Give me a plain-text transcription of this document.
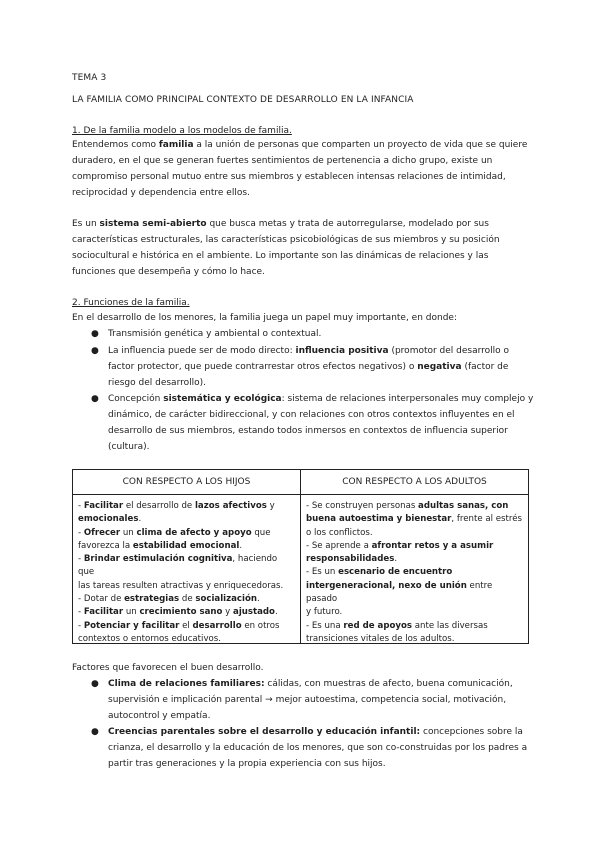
TEMA 3
LA FAMILIA COMO PRINCIPAL CONTEXTO DE DESARROLLO EN LA INFANCIA
1. De la familia modelo a los modelos de familia.
Entendemos como familia a la unión de personas que comparten un proyecto de vida que se quiere
duradero, en el que se generan fuertes sentimientos de pertenencia a dicho grupo, existe un
compromiso personal mutuo entre sus miembros y establecen intensas relaciones de intimidad,
reciprocidad y dependencia entre ellos.
Es un sistema semi-abierto que busca metas y trata de autorregularse, modelado por sus
características estructurales, las características psicobiológicas de sus miembros y su posición
sociocultural e histórica en el ambiente. Lo importante son las dinámicas de relaciones y las
funciones que desempeña y cómo lo hace.
2. Funciones de la familia.
En el desarrollo de los menores, la familia juega un papel muy importante, en donde:
● Transmisión genética y ambiental o contextual.
● La influencia puede ser de modo directo: influencia positiva (promotor del desarrollo o
factor protector, que puede contrarrestar otros efectos negativos) o negativa (factor de
riesgo del desarrollo).
● Concepción sistemática y ecológica: sistema de relaciones interpersonales muy complejo y
dinámico, de carácter bidireccional, y con relaciones con otros contextos influyentes en el
desarrollo de sus miembros, estando todos inmersos en contextos de influencia superior
(cultura).
CON RESPECTO A LOS HIJOS	CON RESPECTO A LOS ADULTOS

- Facilitar el desarrollo de lazos afectivos y

emocionales.

- Ofrecer un clima de afecto y apoyo que

favorezca la estabilidad emocional.

- Brindar estimulación cognitiva, haciendo que

las tareas resulten atractivas y enriquecedoras.

- Dotar de estrategias de socialización.

- Facilitar un crecimiento sano y ajustado.

- Potenciar y facilitar el desarrollo en otros

contextos o entornos educativos.

- Se construyen personas adultas sanas, con

buena autoestima y bienestar, frente al estrés

o los conflictos.

- Se aprende a afrontar retos y a asumir

responsabilidades.

- Es un escenario de encuentro

intergeneracional, nexo de unión entre pasado

y futuro.

- Es una red de apoyos ante las diversas

transiciones vitales de los adultos.

Factores que favorecen el buen desarrollo.
● Clima de relaciones familiares: cálidas, con muestras de afecto, buena comunicación,
supervisión e implicación parental → mejor autoestima, competencia social, motivación,
autocontrol y empatía.
● Creencias parentales sobre el desarrollo y educación infantil: concepciones sobre la
crianza, el desarrollo y la educación de los menores, que son co-construidas por los padres a
partir tras generaciones y la propia experiencia con sus hijos.
